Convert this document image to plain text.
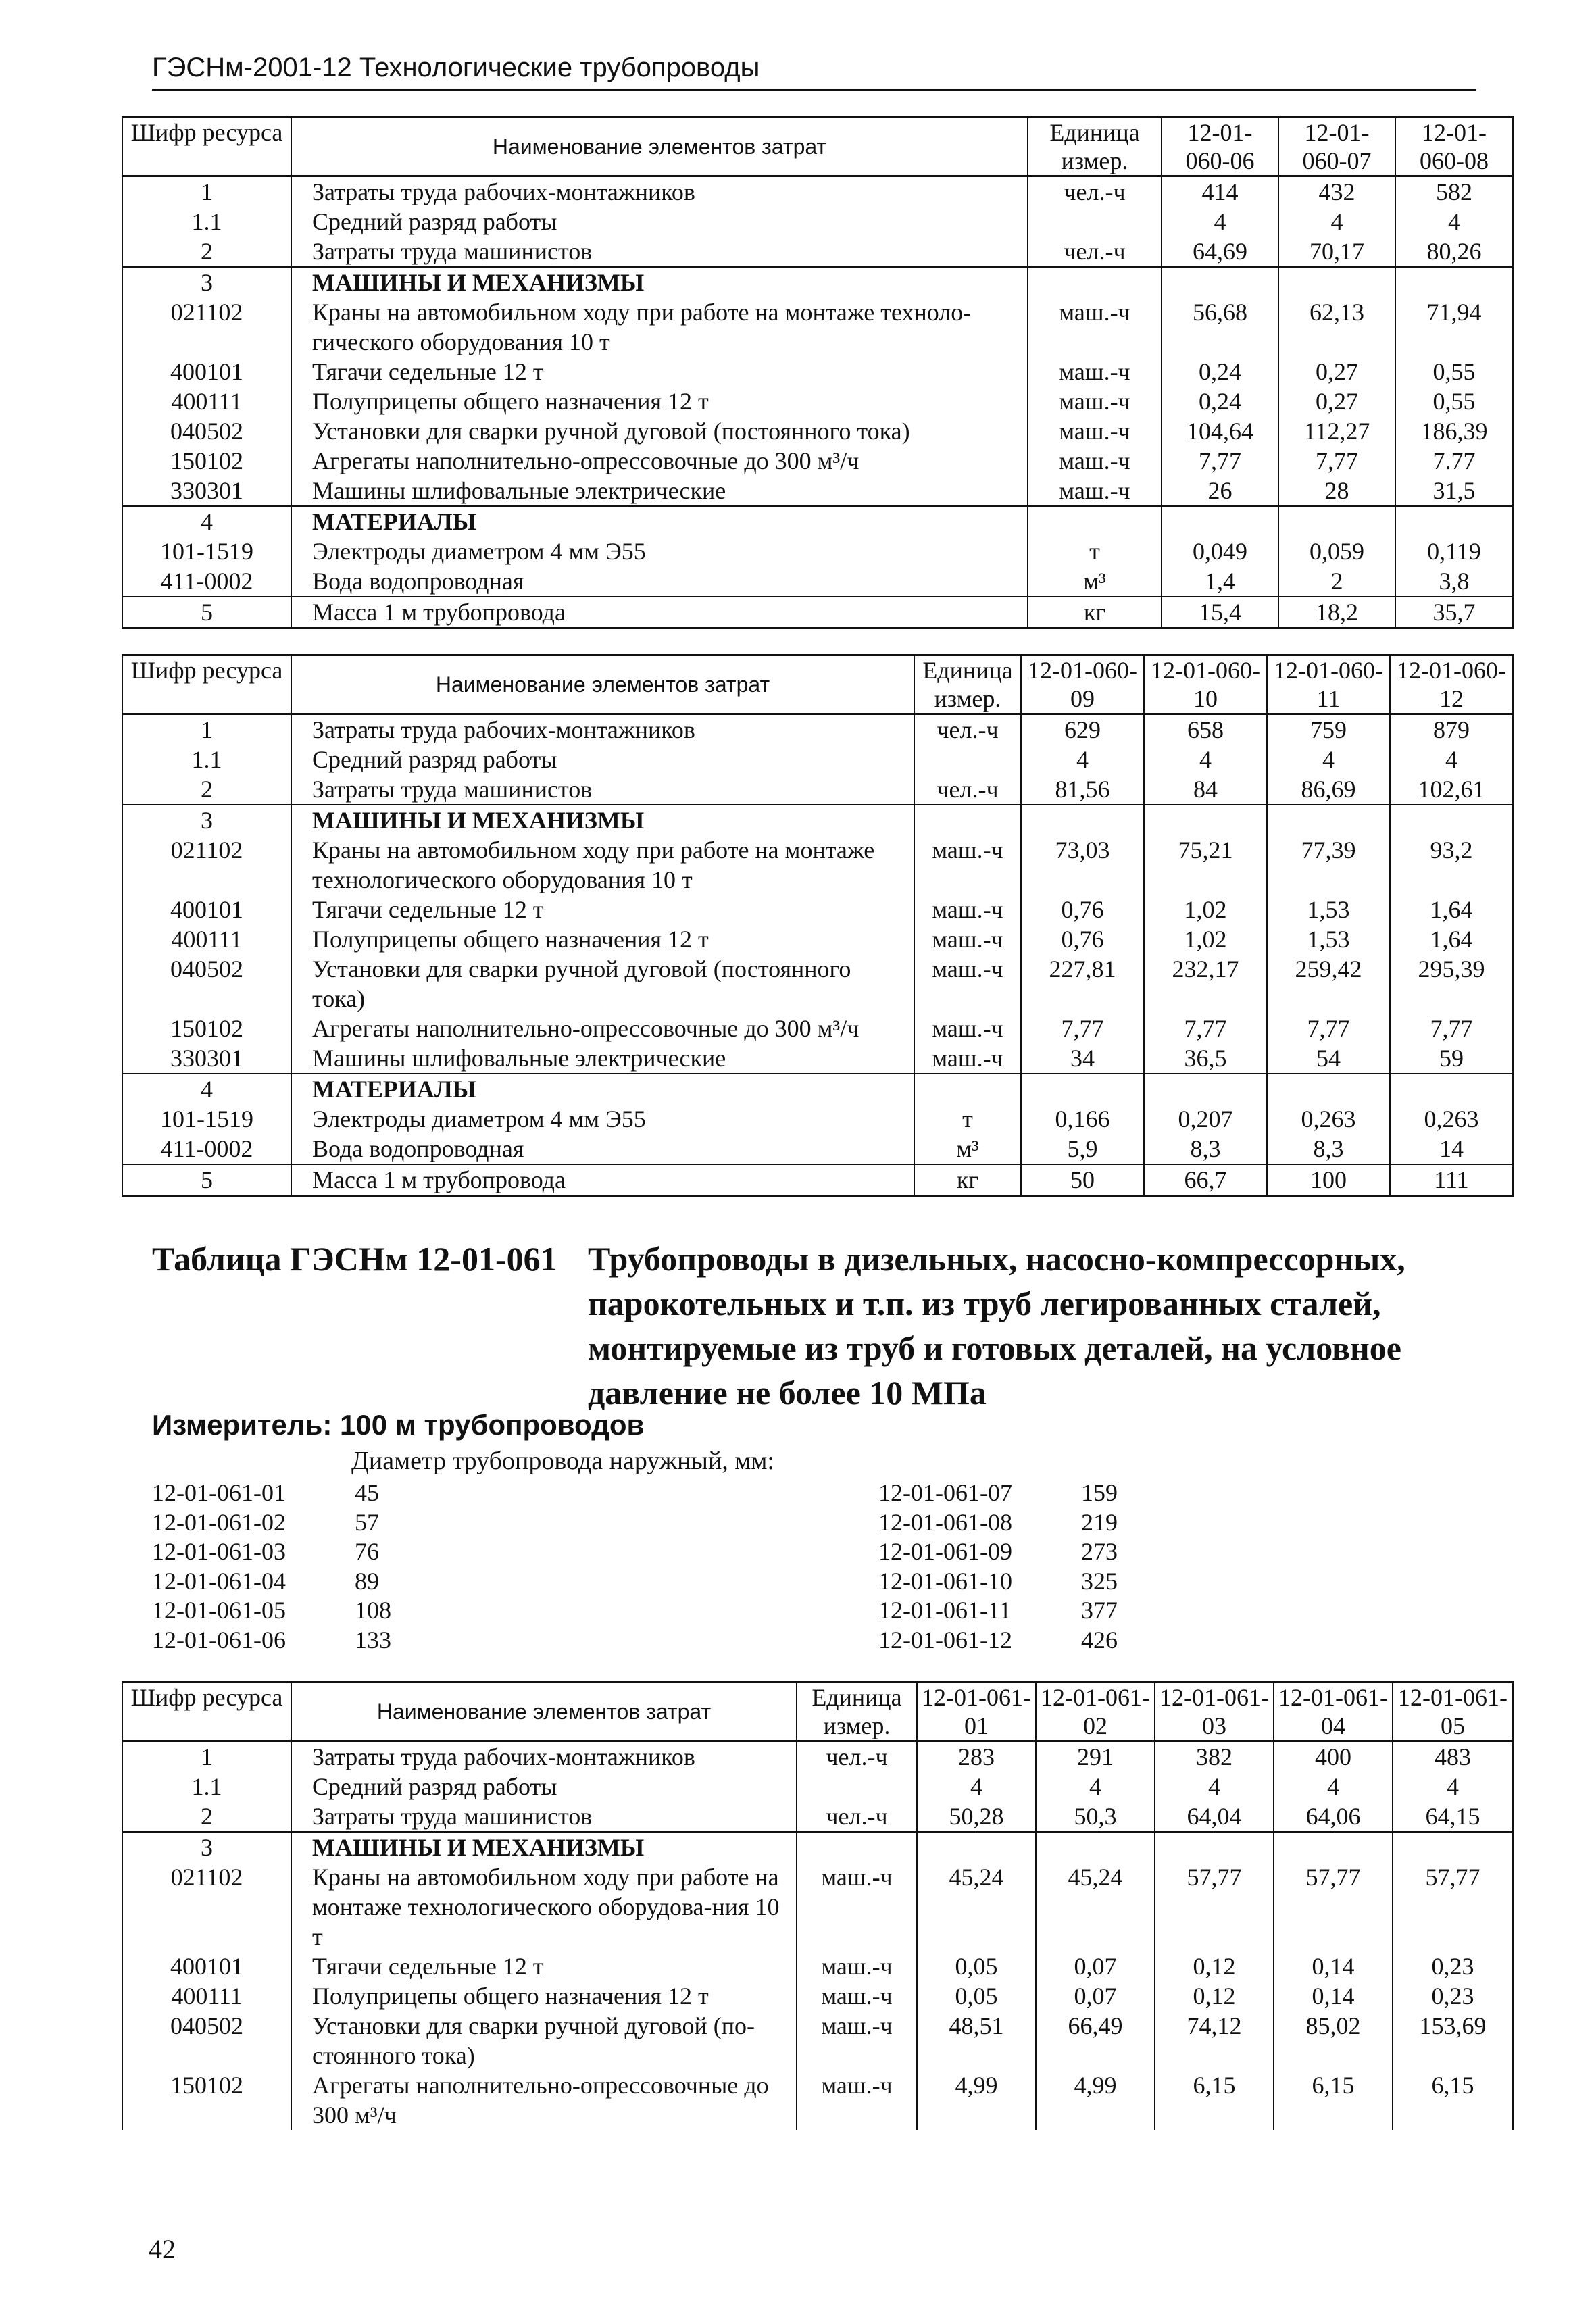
ГЭСНм-2001-12 Технологические трубопроводы
Шифр ресурса	Наименование элементов затрат	Единица измер.	12-01-060-06	12-01-060-07	12-01-060-08
1	Затраты труда рабочих-монтажников	чел.-ч	414	432	582
1.1	Средний разряд работы		4	4	4
2	Затраты труда машинистов	чел.-ч	64,69	70,17	80,26
3	МАШИНЫ И МЕХАНИЗМЫ				
021102	Краны на автомобильном ходу при работе на монтаже техноло-гического оборудования 10 т	маш.-ч	56,68	62,13	71,94
400101	Тягачи седельные 12 т	маш.-ч	0,24	0,27	0,55
400111	Полуприцепы общего назначения 12 т	маш.-ч	0,24	0,27	0,55
040502	Установки для сварки ручной дуговой (постоянного тока)	маш.-ч	104,64	112,27	186,39
150102	Агрегаты наполнительно-опрессовочные до 300 м³/ч	маш.-ч	7,77	7,77	7.77
330301	Машины шлифовальные электрические	маш.-ч	26	28	31,5
4	МАТЕРИАЛЫ				
101-1519	Электроды диаметром 4 мм Э55	т	0,049	0,059	0,119
411-0002	Вода водопроводная	м³	1,4	2	3,8
5	Масса 1 м трубопровода	кг	15,4	18,2	35,7
Шифр ресурса	Наименование элементов затрат	Единица измер.	12-01-060-09	12-01-060-10	12-01-060-11	12-01-060-12
1	Затраты труда рабочих-монтажников	чел.-ч	629	658	759	879
1.1	Средний разряд работы		4	4	4	4
2	Затраты труда машинистов	чел.-ч	81,56	84	86,69	102,61
3	МАШИНЫ И МЕХАНИЗМЫ					
021102	Краны на автомобильном ходу при работе на монтаже технологического оборудования 10 т	маш.-ч	73,03	75,21	77,39	93,2
400101	Тягачи седельные 12 т	маш.-ч	0,76	1,02	1,53	1,64
400111	Полуприцепы общего назначения 12 т	маш.-ч	0,76	1,02	1,53	1,64
040502	Установки для сварки ручной дуговой (постоянного тока)	маш.-ч	227,81	232,17	259,42	295,39
150102	Агрегаты наполнительно-опрессовочные до 300 м³/ч	маш.-ч	7,77	7,77	7,77	7,77
330301	Машины шлифовальные электрические	маш.-ч	34	36,5	54	59
4	МАТЕРИАЛЫ					
101-1519	Электроды диаметром 4 мм Э55	т	0,166	0,207	0,263	0,263
411-0002	Вода водопроводная	м³	5,9	8,3	8,3	14
5	Масса 1 м трубопровода	кг	50	66,7	100	111
Таблица ГЭСНм 12-01-061 Трубопроводы в дизельных, насосно-компрессорных, парокотельных и т.п. из труб легированных сталей, монтируемые из труб и готовых деталей, на условное давление не более 10 МПа
Измеритель: 100 м трубопроводов
Диаметр трубопровода наружный, мм:
12-01-061-01	45
12-01-061-02	57
12-01-061-03	76
12-01-061-04	89
12-01-061-05	108
12-01-061-06	133
12-01-061-07	159
12-01-061-08	219
12-01-061-09	273
12-01-061-10	325
12-01-061-11	377
12-01-061-12	426
Шифр ресурса	Наименование элементов затрат	Единица измер.	12-01-061-01	12-01-061-02	12-01-061-03	12-01-061-04	12-01-061-05
1	Затраты труда рабочих-монтажников	чел.-ч	283	291	382	400	483
1.1	Средний разряд работы		4	4	4	4	4
2	Затраты труда машинистов	чел.-ч	50,28	50,3	64,04	64,06	64,15
3	МАШИНЫ И МЕХАНИЗМЫ						
021102	Краны на автомобильном ходу при работе на монтаже технологического оборудова-ния 10 т	маш.-ч	45,24	45,24	57,77	57,77	57,77
400101	Тягачи седельные 12 т	маш.-ч	0,05	0,07	0,12	0,14	0,23
400111	Полуприцепы общего назначения 12 т	маш.-ч	0,05	0,07	0,12	0,14	0,23
040502	Установки для сварки ручной дуговой (по-стоянного тока)	маш.-ч	48,51	66,49	74,12	85,02	153,69
150102	Агрегаты наполнительно-опрессовочные до 300 м³/ч	маш.-ч	4,99	4,99	6,15	6,15	6,15
42
